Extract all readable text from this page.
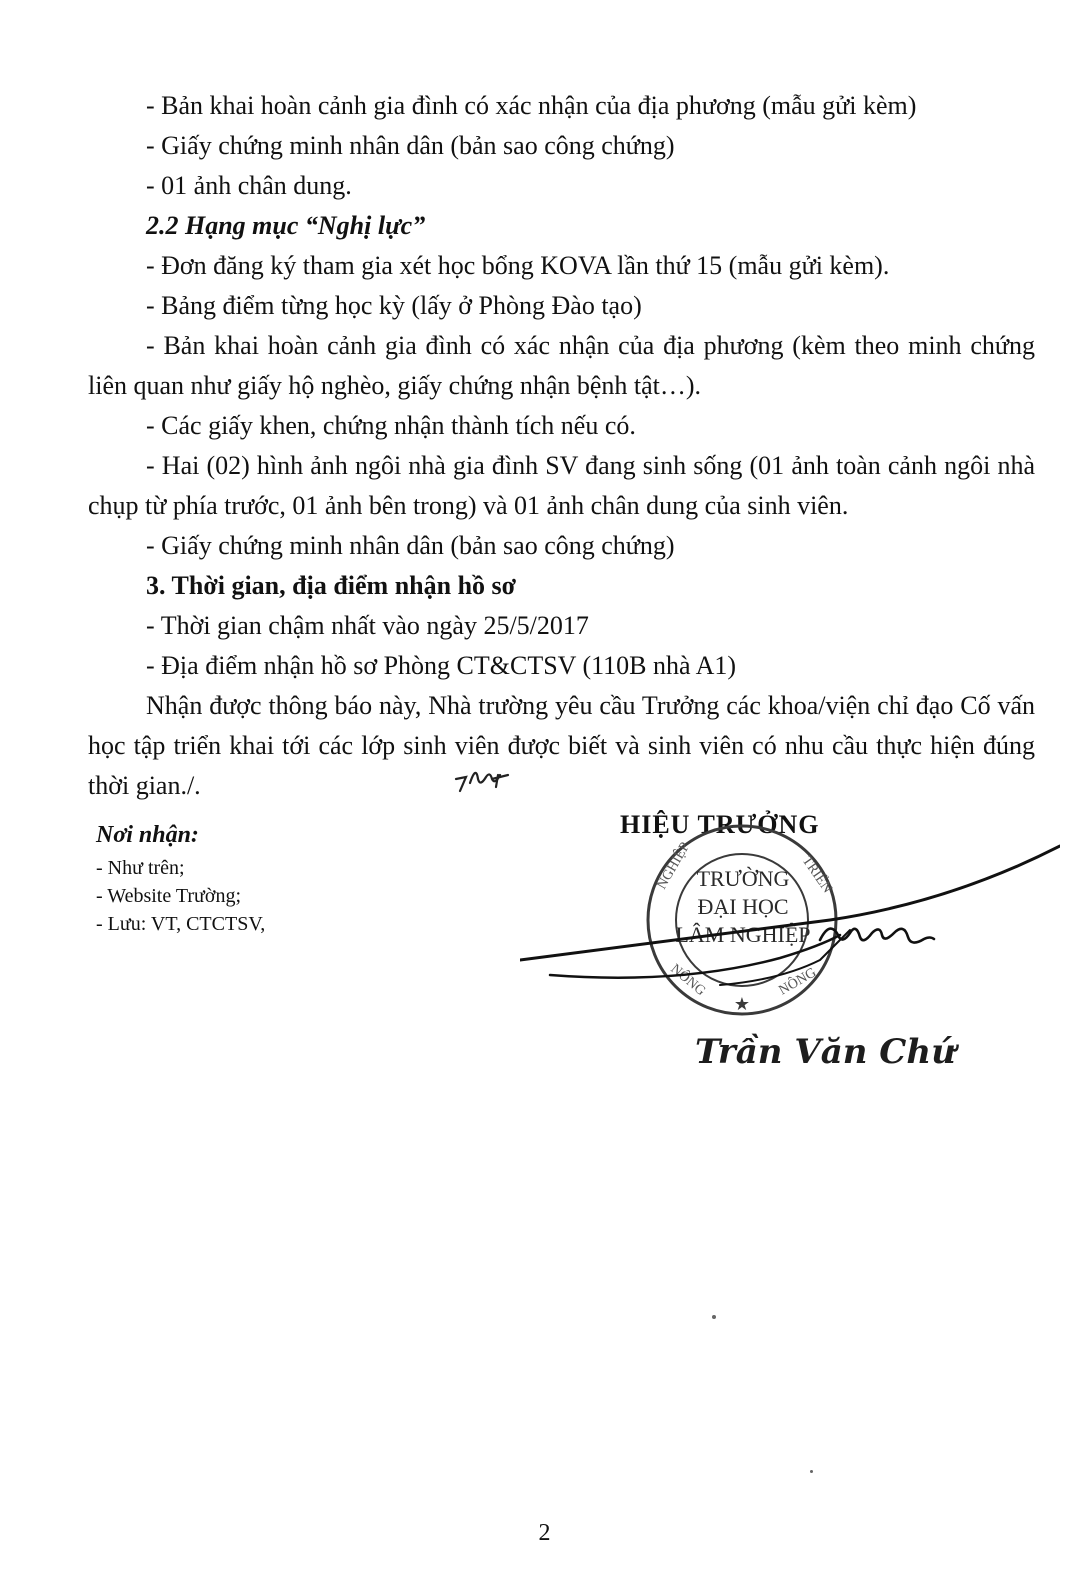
- Bản khai hoàn cảnh gia đình có xác nhận của địa phương (mẫu gửi kèm)

- Giấy chứng minh nhân dân (bản sao công chứng)

- 01 ảnh chân dung.

2.2 Hạng mục “Nghị lực”

- Đơn đăng ký tham gia xét học bổng KOVA lần thứ 15 (mẫu gửi kèm).

- Bảng điểm từng học kỳ (lấy ở Phòng Đào tạo)

- Bản khai hoàn cảnh gia đình có xác nhận của địa phương (kèm theo minh chứng liên quan như giấy hộ nghèo, giấy chứng nhận bệnh tật…).

- Các giấy khen, chứng nhận thành tích nếu có.

- Hai (02) hình ảnh ngôi nhà gia đình SV đang sinh sống (01 ảnh toàn cảnh ngôi nhà chụp từ phía trước, 01 ảnh bên trong) và 01 ảnh chân dung của sinh viên.

- Giấy chứng minh nhân dân (bản sao công chứng)

3. Thời gian, địa điểm nhận hồ sơ

- Thời gian chậm nhất vào ngày 25/5/2017

- Địa điểm nhận hồ sơ Phòng CT&CTSV (110B nhà A1)

Nhận được thông báo này, Nhà trường yêu cầu Trưởng các khoa/viện chỉ đạo Cố vấn học tập triển khai tới các lớp sinh viên được biết và sinh viên có nhu cầu thực hiện đúng thời gian./.

Nơi nhận:

- Như trên;

- Website Trường;

- Lưu: VT, CTCTSV,

HIỆU TRƯỞNG
★
NGHIỆP	TRIỂN
NÔNG	NÔNG
TRƯỜNG
ĐẠI HỌC
LÂM NGHIỆP
Trần Văn Chứ
2
